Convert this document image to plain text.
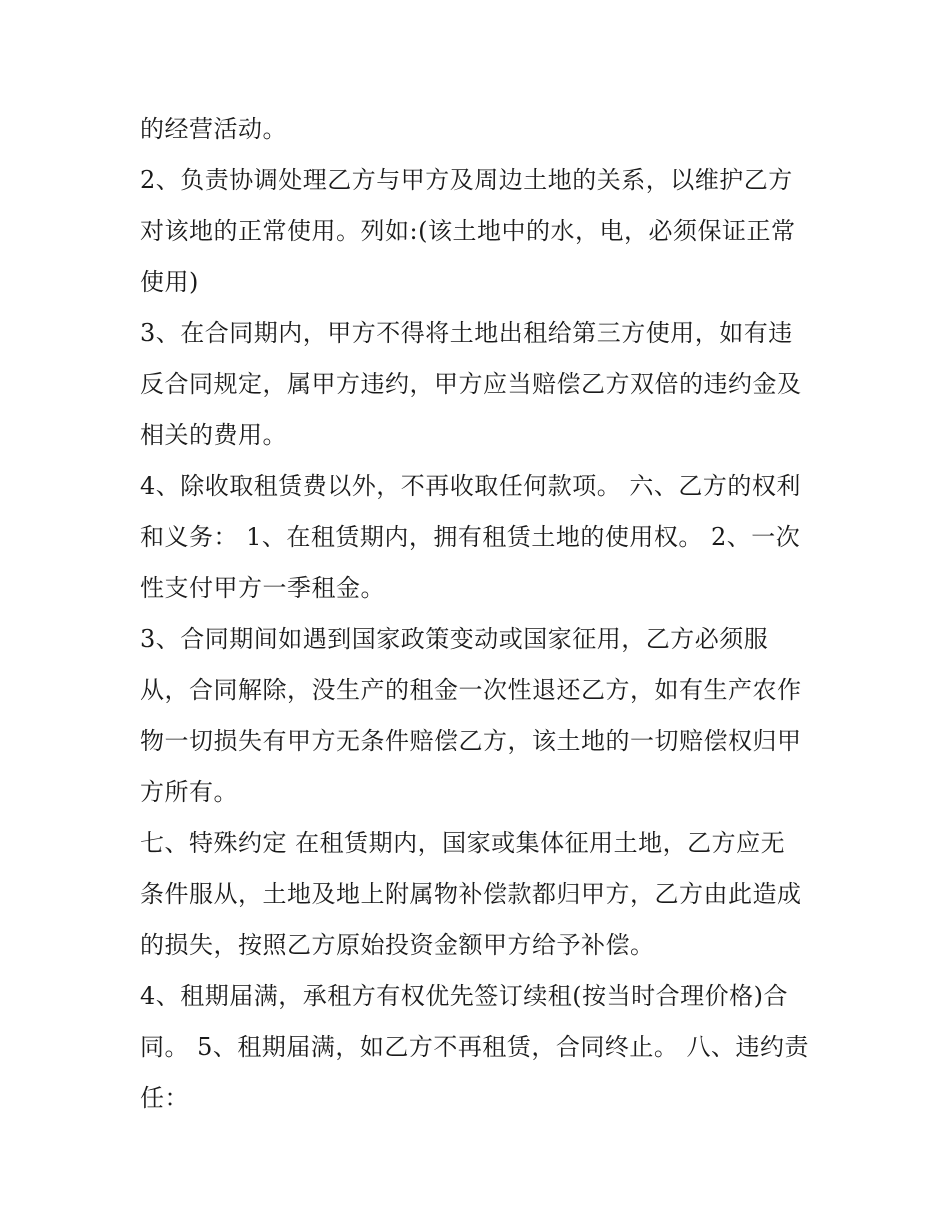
的经营活动。
2、负责协调处理乙方与甲方及周边土地的关系，以维护乙方
对该地的正常使用。列如:(该土地中的水，电，必须保证正常
使用)
3、在合同期内，甲方不得将土地出租给第三方使用，如有违
反合同规定，属甲方违约，甲方应当赔偿乙方双倍的违约金及
相关的费用。
4、除收取租赁费以外，不再收取任何款项。 六、乙方的权利
和义务： 1、在租赁期内，拥有租赁土地的使用权。 2、一次
性支付甲方一季租金。
3、合同期间如遇到国家政策变动或国家征用，乙方必须服
从，合同解除，没生产的租金一次性退还乙方，如有生产农作
物一切损失有甲方无条件赔偿乙方，该土地的一切赔偿权归甲
方所有。
七、特殊约定 在租赁期内，国家或集体征用土地，乙方应无
条件服从，土地及地上附属物补偿款都归甲方，乙方由此造成
的损失，按照乙方原始投资金额甲方给予补偿。
4、租期届满，承租方有权优先签订续租(按当时合理价格)合
同。 5、租期届满，如乙方不再租赁，合同终止。 八、违约责
任：
